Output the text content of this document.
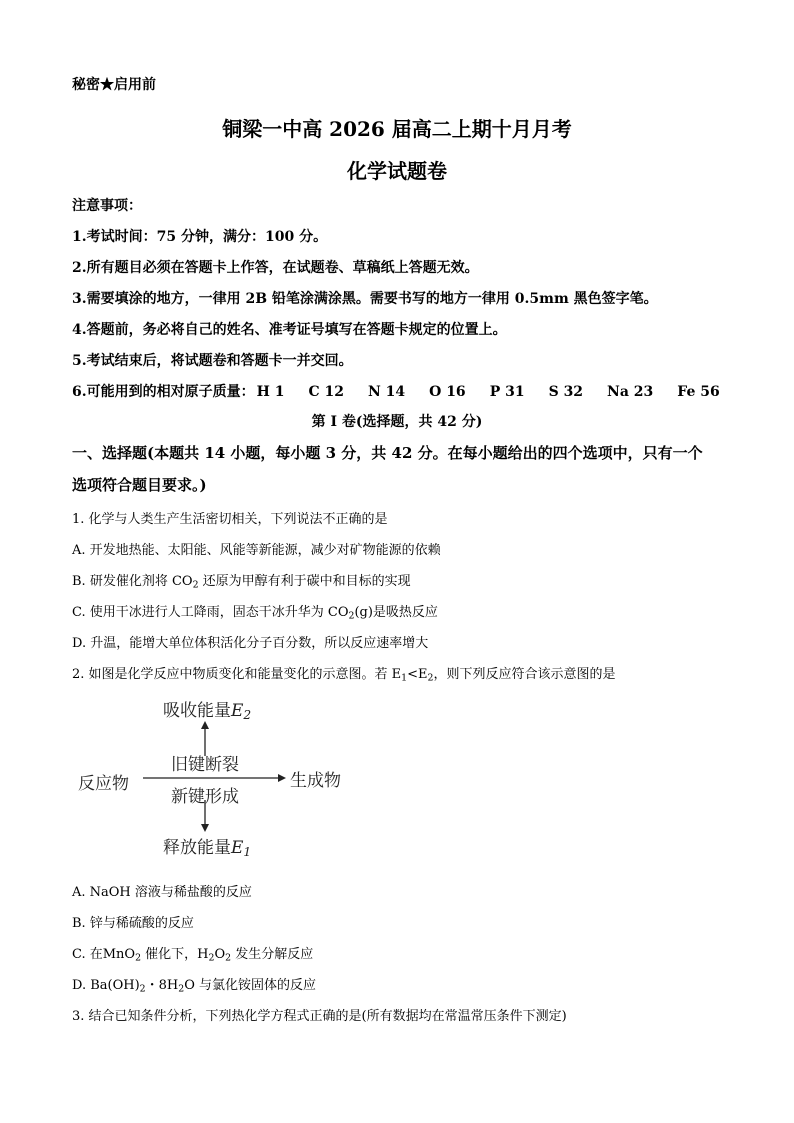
秘密★启用前
铜梁一中高 2026 届高二上期十月月考
化学试题卷
注意事项：
1.考试时间：75 分钟，满分：100 分。
2.所有题目必须在答题卡上作答，在试题卷、草稿纸上答题无效。
3.需要填涂的地方，一律用 2B 铅笔涂满涂黑。需要书写的地方一律用 0.5mm 黑色签字笔。
4.答题前，务必将自己的姓名、准考证号填写在答题卡规定的位置上。
5.考试结束后，将试题卷和答题卡一并交回。
6.可能用到的相对原子质量： H 1 C 12 N 14 O 16 P 31 S 32 Na 23 Fe 56
第 I 卷(选择题，共 42 分)
一、选择题(本题共 14 小题，每小题 3 分，共 42 分。在每小题给出的四个选项中，只有一个
选项符合题目要求。)
1. 化学与人类生产生活密切相关，下列说法不正确的是
A. 开发地热能、太阳能、风能等新能源，减少对矿物能源的依赖
B. 研发催化剂将 $CO_2$ 还原为甲醇有利于碳中和目标的实现
C. 使用干冰进行人工降雨，固态干冰升华为 $CO_2(g)$是吸热反应
D. 升温，能增大单位体积活化分子百分数，所以反应速率增大
2. 如图是化学反应中物质变化和能量变化的示意图。若 $E_1<E_2$，则下列反应符合该示意图的是
吸收能量$E_2$
旧键断裂
反应物	生成物
新键形成
释放能量$E_1$
A. NaOH 溶液与稀盐酸的反应
B. 锌与稀硫酸的反应
C. 在MnO$_2$ 催化下，$H_2O_2$ 发生分解反应
D. $Ba(OH)_2$・$8H_2O$ 与氯化铵固体的反应
3. 结合已知条件分析，下列热化学方程式正确的是(所有数据均在常温常压条件下测定)
